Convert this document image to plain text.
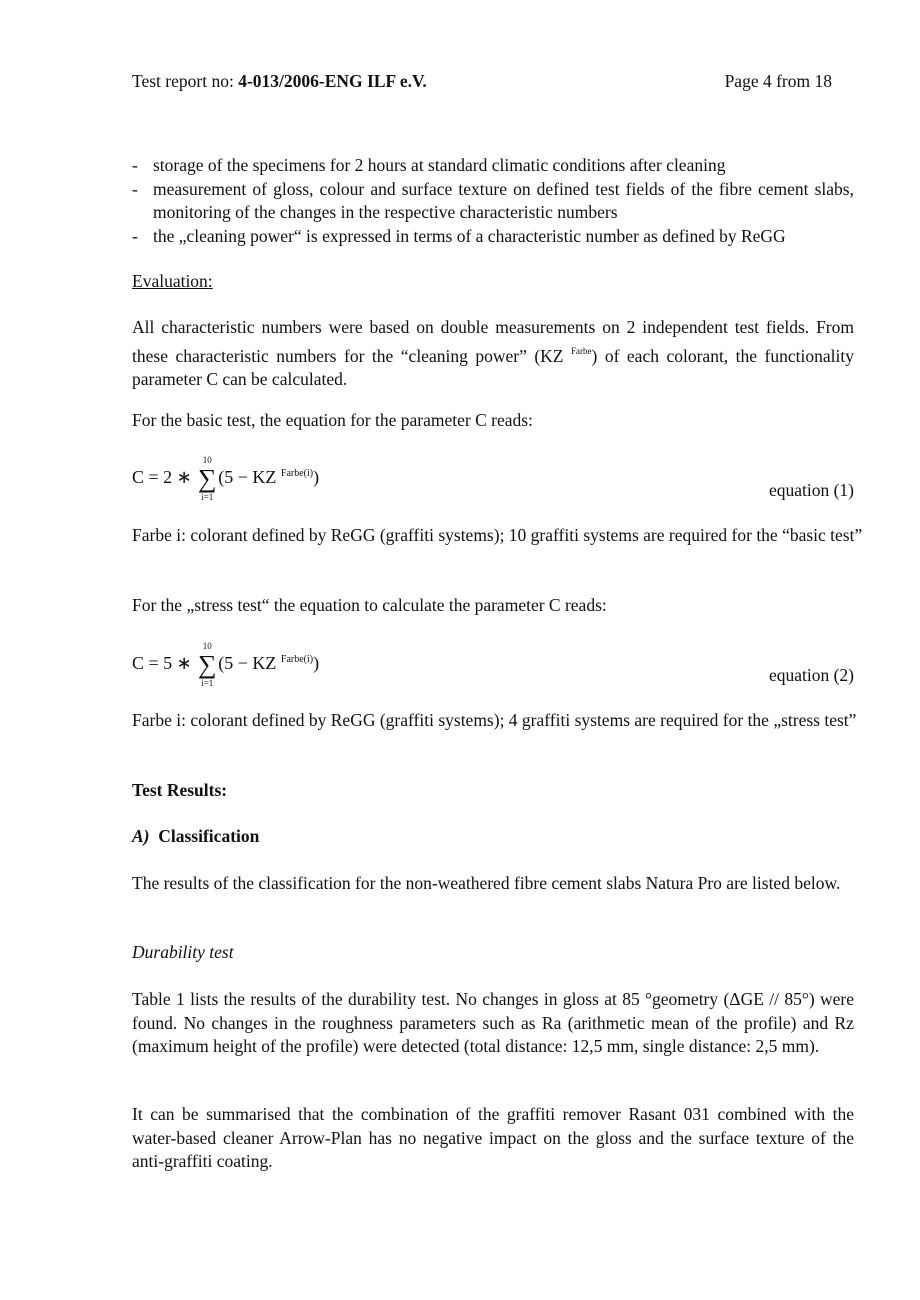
Test report no: 4-013/2006-ENG ILF e.V.	Page 4 from 18
- storage of the specimens for 2 hours at standard climatic conditions after cleaning
- measurement of gloss, colour and surface texture on defined test fields of the fibre cement slabs, monitoring of the changes in the respective characteristic numbers
- the „cleaning power“ is expressed in terms of a characteristic number as defined by ReGG
Evaluation:
All characteristic numbers were based on double measurements on 2 independent test fields. From these characteristic numbers for the “cleaning power” (KZ $^{Farbe}$) of each colorant, the functionality parameter C can be calculated.
For the basic test, the equation for the parameter C reads:
C = 2 ∗
10
∑
i=1
(5 − KZ $^{Farbe(i)}$)
equation (1)
Farbe i: colorant defined by ReGG (graffiti systems); 10 graffiti systems are required for the “basic test”
For the „stress test“ the equation to calculate the parameter C reads:
C = 5 ∗
10
∑
i=1
(5 − KZ $^{Farbe(i)}$)
equation (2)
Farbe i: colorant defined by ReGG (graffiti systems); 4 graffiti systems are required for the „stress test”
Test Results:
A) Classification
The results of the classification for the non-weathered fibre cement slabs Natura Pro are listed below.
Durability test
Table 1 lists the results of the durability test. No changes in gloss at 85 °geometry (ΔGE // 85°) were found. No changes in the roughness parameters such as Ra (arithmetic mean of the profile) and Rz (maximum height of the profile) were detected (total distance: 12,5 mm, single distance: 2,5 mm).
It can be summarised that the combination of the graffiti remover Rasant 031 combined with the water-based cleaner Arrow-Plan has no negative impact on the gloss and the surface texture of the anti-graffiti coating.
